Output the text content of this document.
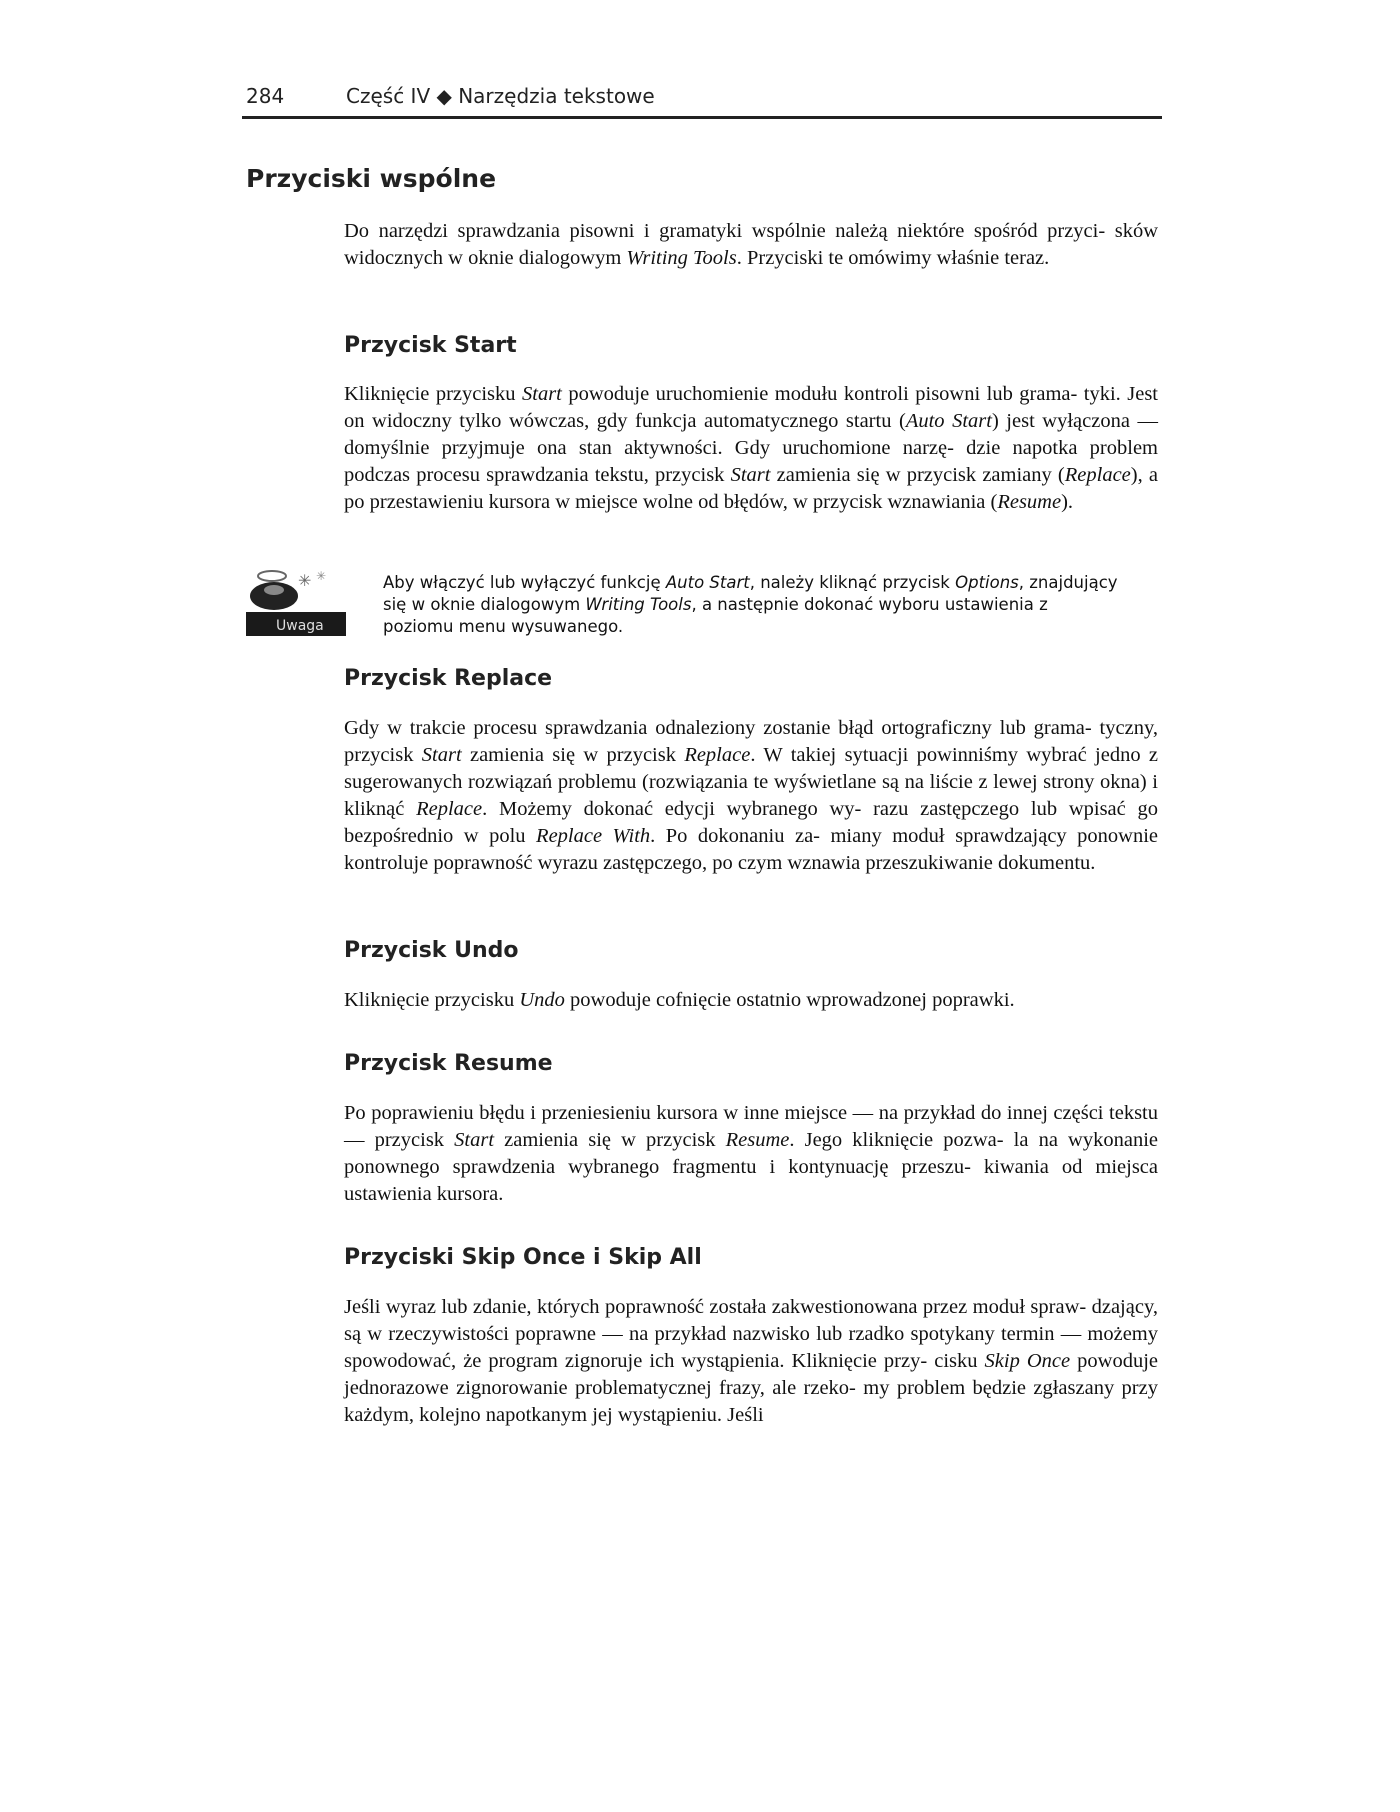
284	Część IV ◆ Narzędzia tekstowe
Przyciski wspólne

Do narzędzi sprawdzania pisowni i gramatyki wspólnie należą niektóre spośród przyci- sków widocznych w oknie dialogowym Writing Tools. Przyciski te omówimy właśnie teraz.

Przycisk Start

Kliknięcie przycisku Start powoduje uruchomienie modułu kontroli pisowni lub grama- tyki. Jest on widoczny tylko wówczas, gdy funkcja automatycznego startu (Auto Start) jest wyłączona — domyślnie przyjmuje ona stan aktywności. Gdy uruchomione narzę- dzie napotka problem podczas procesu sprawdzania tekstu, przycisk Start zamienia się w przycisk zamiany (Replace), a po przestawieniu kursora w miejsce wolne od błędów, w przycisk wznawiania (Resume).

✳ ✳
Uwaga

Aby włączyć lub wyłączyć funkcję Auto Start, należy kliknąć przycisk Options, znajdujący się w oknie dialogowym Writing Tools, a następnie dokonać wyboru ustawienia z poziomu menu wysuwanego.

Przycisk Replace

Gdy w trakcie procesu sprawdzania odnaleziony zostanie błąd ortograficzny lub grama- tyczny, przycisk Start zamienia się w przycisk Replace. W takiej sytuacji powinniśmy wybrać jedno z sugerowanych rozwiązań problemu (rozwiązania te wyświetlane są na liście z lewej strony okna) i kliknąć Replace. Możemy dokonać edycji wybranego wy- razu zastępczego lub wpisać go bezpośrednio w polu Replace With. Po dokonaniu za- miany moduł sprawdzający ponownie kontroluje poprawność wyrazu zastępczego, po czym wznawia przeszukiwanie dokumentu.

Przycisk Undo

Kliknięcie przycisku Undo powoduje cofnięcie ostatnio wprowadzonej poprawki.

Przycisk Resume

Po poprawieniu błędu i przeniesieniu kursora w inne miejsce — na przykład do innej części tekstu — przycisk Start zamienia się w przycisk Resume. Jego kliknięcie pozwa- la na wykonanie ponownego sprawdzenia wybranego fragmentu i kontynuację przeszu- kiwania od miejsca ustawienia kursora.

Przyciski Skip Once i Skip All

Jeśli wyraz lub zdanie, których poprawność została zakwestionowana przez moduł spraw- dzający, są w rzeczywistości poprawne — na przykład nazwisko lub rzadko spotykany termin — możemy spowodować, że program zignoruje ich wystąpienia. Kliknięcie przy- cisku Skip Once powoduje jednorazowe zignorowanie problematycznej frazy, ale rzeko- my problem będzie zgłaszany przy każdym, kolejno napotkanym jej wystąpieniu. Jeśli
